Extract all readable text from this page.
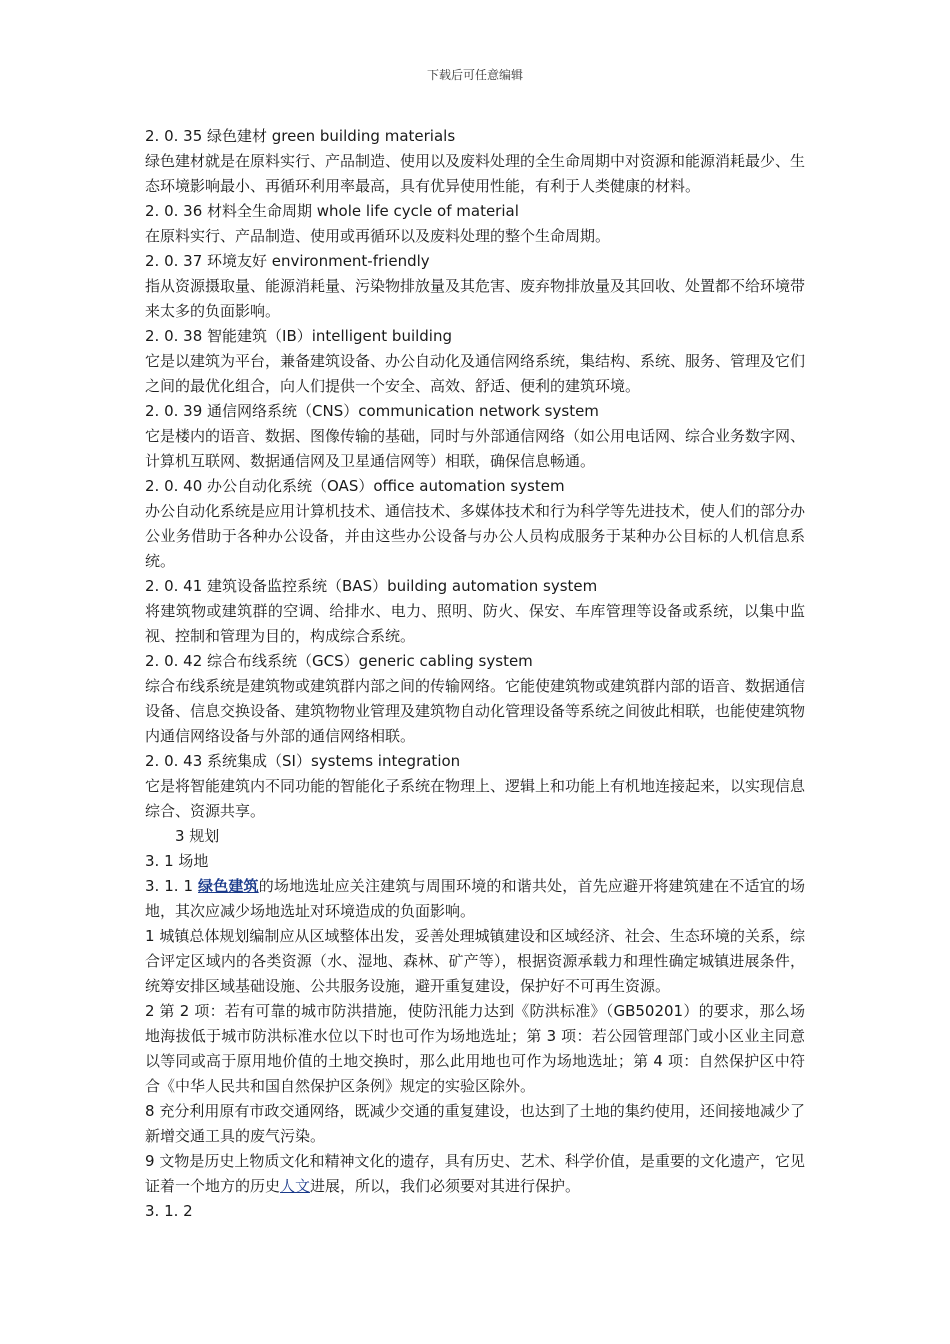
下载后可任意编辑

2. 0. 35 绿色建材 green building materials

绿色建材就是在原料实行、产品制造、使用以及废料处理的全生命周期中对资源和能源消耗最少、生态环境影响最小、再循环利用率最高，具有优异使用性能，有利于人类健康的材料。

2. 0. 36 材料全生命周期 whole life cycle of material

在原料实行、产品制造、使用或再循环以及废料处理的整个生命周期。

2. 0. 37 环境友好 environment-friendly

指从资源摄取量、能源消耗量、污染物排放量及其危害、废弃物排放量及其回收、处置都不给环境带来太多的负面影响。

2. 0. 38 智能建筑（IB）intelligent building

它是以建筑为平台，兼备建筑设备、办公自动化及通信网络系统，集结构、系统、服务、管理及它们之间的最优化组合，向人们提供一个安全、高效、舒适、便利的建筑环境。

2. 0. 39 通信网络系统（CNS）communication network system

它是楼内的语音、数据、图像传输的基础，同时与外部通信网络（如公用电话网、综合业务数字网、计算机互联网、数据通信网及卫星通信网等）相联，确保信息畅通。

2. 0. 40 办公自动化系统（OAS）office automation system

办公自动化系统是应用计算机技术、通信技术、多媒体技术和行为科学等先进技术，使人们的部分办公业务借助于各种办公设备，并由这些办公设备与办公人员构成服务于某种办公目标的人机信息系统。

2. 0. 41 建筑设备监控系统（BAS）building automation system

将建筑物或建筑群的空调、给排水、电力、照明、防火、保安、车库管理等设备或系统，以集中监视、控制和管理为目的，构成综合系统。

2. 0. 42 综合布线系统（GCS）generic cabling system

综合布线系统是建筑物或建筑群内部之间的传输网络。它能使建筑物或建筑群内部的语音、数据通信设备、信息交换设备、建筑物物业管理及建筑物自动化管理设备等系统之间彼此相联，也能使建筑物内通信网络设备与外部的通信网络相联。

2. 0. 43 系统集成（SI）systems integration

它是将智能建筑内不同功能的智能化子系统在物理上、逻辑上和功能上有机地连接起来，以实现信息综合、资源共享。

3 规划

3. 1 场地

3. 1. 1 绿色建筑的场地选址应关注建筑与周围环境的和谐共处，首先应避开将建筑建在不适宜的场地，其次应减少场地选址对环境造成的负面影响。

1 城镇总体规划编制应从区域整体出发，妥善处理城镇建设和区域经济、社会、生态环境的关系，综合评定区域内的各类资源（水、湿地、森林、矿产等），根据资源承载力和理性确定城镇进展条件，统筹安排区域基础设施、公共服务设施，避开重复建设，保护好不可再生资源。

2 第 2 项：若有可靠的城市防洪措施，使防汛能力达到《防洪标准》（GB50201）的要求，那么场地海拔低于城市防洪标准水位以下时也可作为场地选址；第 3 项：若公园管理部门或小区业主同意以等同或高于原用地价值的土地交换时，那么此用地也可作为场地选址；第 4 项：自然保护区中符合《中华人民共和国自然保护区条例》规定的实验区除外。

8 充分利用原有市政交通网络，既减少交通的重复建设，也达到了土地的集约使用，还间接地减少了新增交通工具的废气污染。

9 文物是历史上物质文化和精神文化的遗存，具有历史、艺术、科学价值，是重要的文化遗产，它见证着一个地方的历史人文进展，所以，我们必须要对其进行保护。

3. 1. 2
